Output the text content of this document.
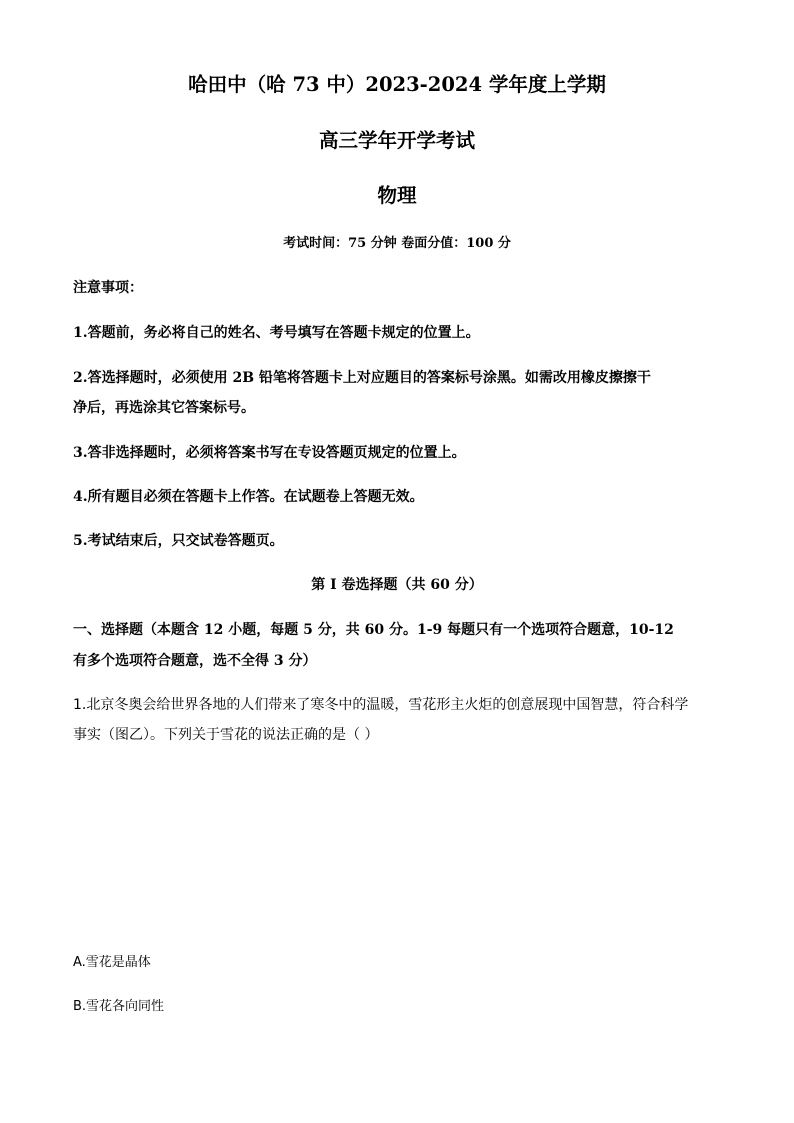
哈田中（哈 73 中）2023-2024 学年度上学期
高三学年开学考试
物理
考试时间：75 分钟 卷面分值：100 分
注意事项：
1.答题前，务必将自己的姓名、考号填写在答题卡规定的位置上。
2.答选择题时，必须使用 2B 铅笔将答题卡上对应题目的答案标号涂黑。如需改用橡皮擦擦干
净后，再选涂其它答案标号。
3.答非选择题时，必须将答案书写在专设答题页规定的位置上。
4.所有题目必须在答题卡上作答。在试题卷上答题无效。
5.考试结束后，只交试卷答题页。
第 I 卷选择题（共 60 分）
一、选择题（本题含 12 小题，每题 5 分，共 60 分。1-9 每题只有一个选项符合题意，10-12
有多个选项符合题意，选不全得 3 分）
1.北京冬奥会给世界各地的人们带来了寒冬中的温暖，雪花形主火炬的创意展现中国智慧，符合科学
事实（图乙）。下列关于雪花的说法正确的是（ ）
A.雪花是晶体
B.雪花各向同性
